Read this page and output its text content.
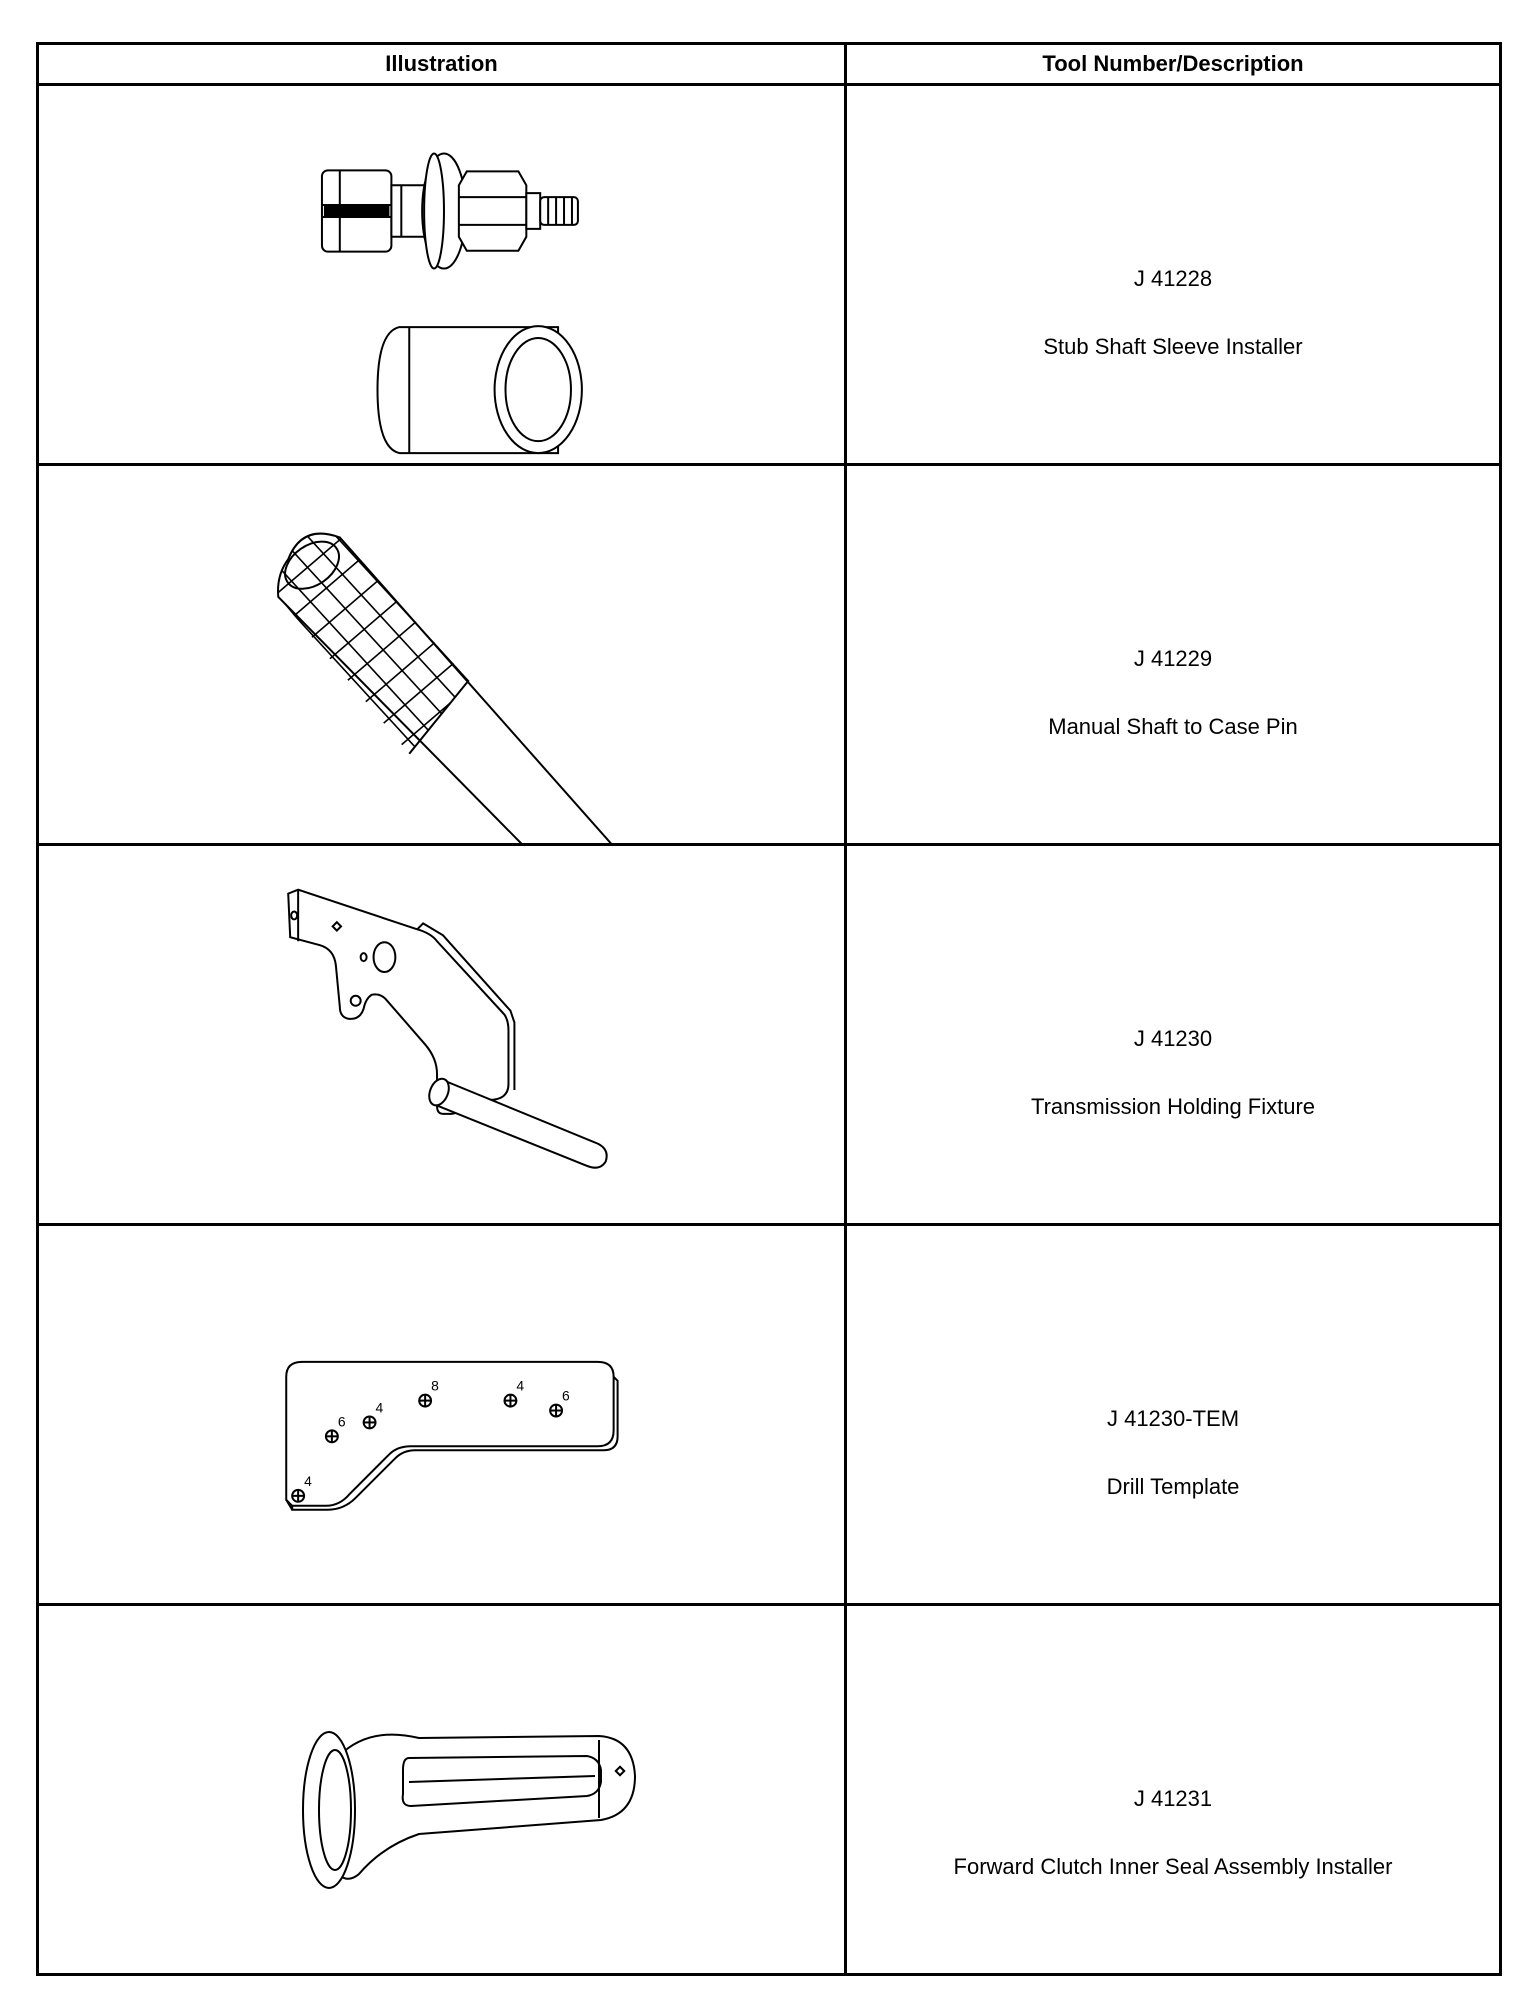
Illustration	Tool Number/Description
J 41228
Stub Shaft Sleeve Installer
J 41229
Manual Shaft to Case Pin
J 41230
Transmission Holding Fixture
4
6
4
8	4
6
J 41230-TEM
Drill Template
J 41231
Forward Clutch Inner Seal Assembly Installer
